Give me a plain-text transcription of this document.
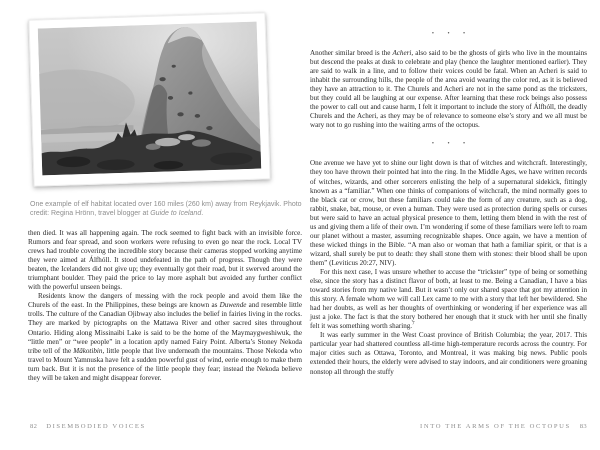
One example of elf habitat located over 160 miles (260 km) away from Reykjavik. Photo credit: Regina Hrönn, travel blogger at Guide to Iceland.

then died. It was all happening again. The rock seemed to fight back with an invisible force. Rumors and fear spread, and soon workers were refusing to even go near the rock. Local TV crews had trouble covering the incredible story because their cameras stopped working anytime they were aimed at Álfhóll. It stood undefeated in the path of progress. Though they were beaten, the Icelanders did not give up; they eventually got their road, but it swerved around the triumphant boulder. They paid the price to lay more asphalt but avoided any further conflict with the powerful unseen beings.

Residents know the dangers of messing with the rock people and avoid them like the Churels of the east. In the Philippines, these beings are known as Duwende and resemble little trolls. The culture of the Canadian Ojibway also includes the belief in fairies living in the rocks. They are marked by pictographs on the Mattawa River and other sacred sites throughout Ontario. Hiding along Missinaibi Lake is said to be the home of the Maymaygweshiwuk, the “little men” or “wee people” in a location aptly named Fairy Point. Alberta’s Stoney Nekoda tribe tell of the Mâkotibin, little people that live underneath the mountains. Those Nekoda who travel to Mount Yamnuska have felt a sudden powerful gust of wind, eerie enough to make them turn back. But it is not the presence of the little people they fear; instead the Nekoda believe they will be taken and might disappear forever.

82 DISEMBODIED VOICES
• • •

Another similar breed is the Acheri, also said to be the ghosts of girls who live in the mountains but descend the peaks at dusk to celebrate and play (hence the laughter mentioned earlier). They are said to walk in a line, and to follow their voices could be fatal. When an Acheri is said to inhabit the surrounding hills, the people of the area avoid wearing the color red, as it is believed they have an attraction to it. The Churels and Acheri are not in the same pond as the tricksters, but they could all be laughing at our expense. After learning that these rock beings also possess the power to call out and cause harm, I felt it important to include the story of Álfhóll, the deadly Churels and the Acheri, as they may be of relevance to someone else’s story and we all must be wary not to go rushing into the waiting arms of the octopus.

• • •

One avenue we have yet to shine our light down is that of witches and witchcraft. Interestingly, they too have thrown their pointed hat into the ring. In the Middle Ages, we have written records of witches, wizards, and other sorcerers enlisting the help of a supernatural sidekick, fittingly known as a “familiar.” When one thinks of companions of witchcraft, the mind normally goes to the black cat or crow, but these familiars could take the form of any creature, such as a dog, rabbit, snake, bat, mouse, or even a human. They were used as protection during spells or curses but were said to have an actual physical presence to them, letting them blend in with the rest of us and giving them a life of their own. I’m wondering if some of these familiars were left to roam our planet without a master, assuming recognizable shapes. Once again, we have a mention of these wicked things in the Bible. “A man also or woman that hath a familiar spirit, or that is a wizard, shall surely be put to death: they shall stone them with stones: their blood shall be upon them” (Leviticus 20:27, NIV).

For this next case, I was unsure whether to accuse the “trickster” type of being or something else, since the story has a distinct flavor of both, at least to me. Being a Canadian, I have a bias toward stories from my native land. But it wasn’t only our shared space that got my attention in this story. A female whom we will call Lex came to me with a story that left her bewildered. She had her doubts, as well as her thoughts of overthinking or wondering if her experience was all just a joke. The fact is that the story bothered her enough that it stuck with her until she finally felt it was something worth sharing.$^7$

It was early summer in the West Coast province of British Columbia; the year, 2017. This particular year had shattered countless all-time high-temperature records across the country. For major cities such as Ottawa, Toronto, and Montreal, it was making big news. Public pools extended their hours, the elderly were advised to stay indoors, and air conditioners were groaning nonstop all through the stuffy

INTO THE ARMS OF THE OCTOPUS 83
